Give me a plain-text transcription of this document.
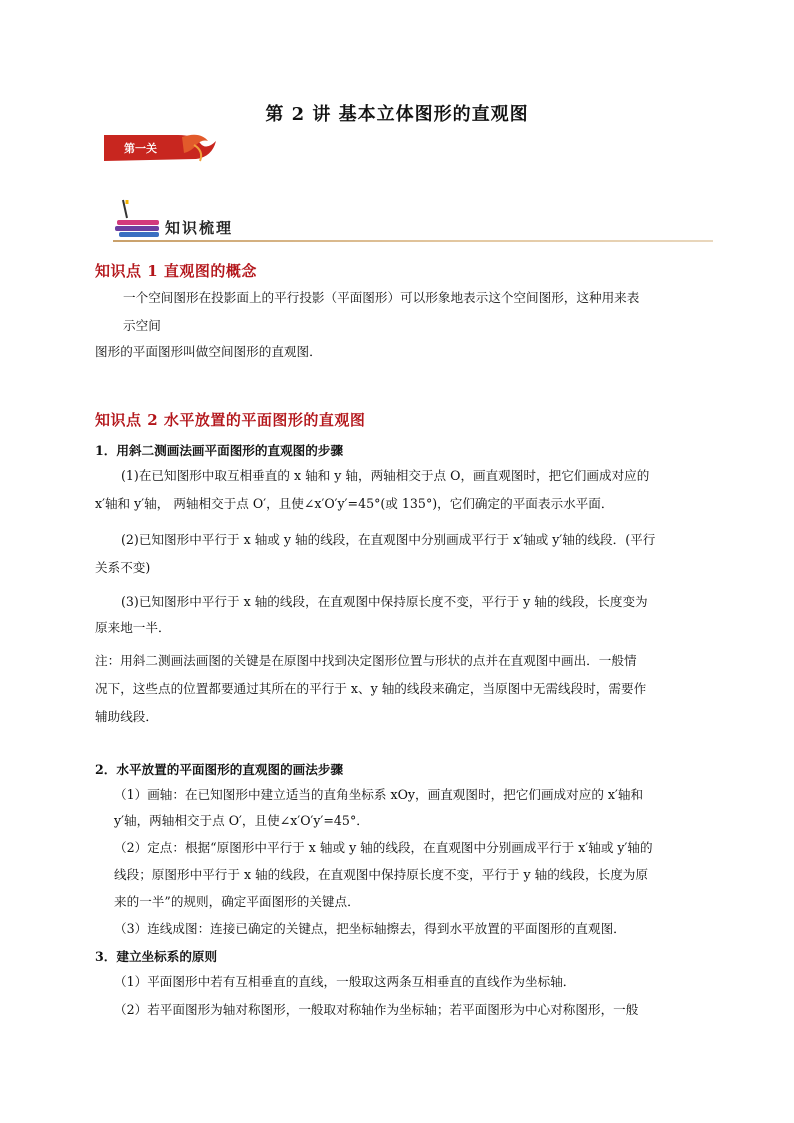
第 2 讲 基本立体图形的直观图
第一关
知识梳理
知识点 1 直观图的概念
一个空间图形在投影面上的平行投影（平面图形）可以形象地表示这个空间图形，这种用来表
示空间
图形的平面图形叫做空间图形的直观图．
知识点 2 水平放置的平面图形的直观图
1．用斜二测画法画平面图形的直观图的步骤
(1)在已知图形中取互相垂直的 x 轴和 y 轴，两轴相交于点 O，画直观图时，把它们画成对应的
x′轴和 y′轴， 两轴相交于点 O′，且使∠x′O′y′=45°(或 135°)，它们确定的平面表示水平面．
(2)已知图形中平行于 x 轴或 y 轴的线段，在直观图中分别画成平行于 x′轴或 y′轴的线段．(平行
关系不变)
(3)已知图形中平行于 x 轴的线段，在直观图中保持原长度不变，平行于 y 轴的线段，长度变为
原来地一半．
注：用斜二测画法画图的关键是在原图中找到决定图形位置与形状的点并在直观图中画出．一般情
况下，这些点的位置都要通过其所在的平行于 x、y 轴的线段来确定，当原图中无需线段时，需要作
辅助线段．
2．水平放置的平面图形的直观图的画法步骤
（1）画轴：在已知图形中建立适当的直角坐标系 xOy，画直观图时，把它们画成对应的 x′轴和
y′轴，两轴相交于点 O′，且使∠x′O′y′=45°．
（2）定点：根据“原图形中平行于 x 轴或 y 轴的线段，在直观图中分别画成平行于 x′轴或 y′轴的
线段；原图形中平行于 x 轴的线段，在直观图中保持原长度不变，平行于 y 轴的线段，长度为原
来的一半”的规则，确定平面图形的关键点．
（3）连线成图：连接已确定的关键点，把坐标轴擦去，得到水平放置的平面图形的直观图．
3．建立坐标系的原则
（1）平面图形中若有互相垂直的直线，一般取这两条互相垂直的直线作为坐标轴．
（2）若平面图形为轴对称图形，一般取对称轴作为坐标轴；若平面图形为中心对称图形，一般
